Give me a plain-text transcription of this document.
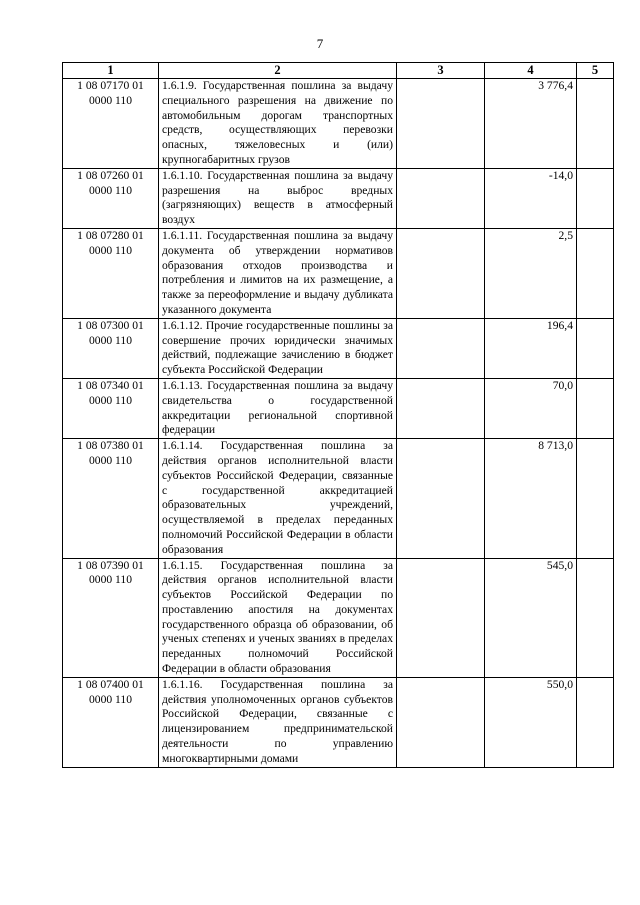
7
1	2	3	4	5
1 08 07170 01 0000 110	1.6.1.9. Государственная пошлина за выдачу специального разрешения на движение по автомобильным дорогам транспортных средств, осуществляющих перевозки опасных, тяжеловесных и (или) крупногабаритных грузов		3 776,4	
1 08 07260 01 0000 110	1.6.1.10. Государственная пошлина за выдачу разрешения на выброс вредных (загрязняющих) веществ в атмосферный воздух		-14,0	
1 08 07280 01 0000 110	1.6.1.11. Государственная пошлина за выдачу документа об утверждении нормативов образования отходов производства и потребления и лимитов на их размещение, а также за переоформление и выдачу дубликата указанного документа		2,5	
1 08 07300 01 0000 110	1.6.1.12. Прочие государственные пошлины за совершение прочих юридически значимых действий, подлежащие зачислению в бюджет субъекта Российской Федерации		196,4	
1 08 07340 01 0000 110	1.6.1.13. Государственная пошлина за выдачу свидетельства о государственной аккредитации региональной спортивной федерации		70,0	
1 08 07380 01 0000 110	1.6.1.14. Государственная пошлина за действия органов исполнительной власти субъектов Российской Федерации, связанные с государственной аккредитацией образовательных учреждений, осуществляемой в пределах переданных полномочий Российской Федерации в области образования		8 713,0	
1 08 07390 01 0000 110	1.6.1.15. Государственная пошлина за действия органов исполнительной власти субъектов Российской Федерации по проставлению апостиля на документах государственного образца об образовании, об ученых степенях и ученых званиях в пределах переданных полномочий Российской Федерации в области образования		545,0	
1 08 07400 01 0000 110	1.6.1.16. Государственная пошлина за действия уполномоченных органов субъектов Российской Федерации, связанные с лицензированием предпринимательской деятельности по управлению многоквартирными домами		550,0	
